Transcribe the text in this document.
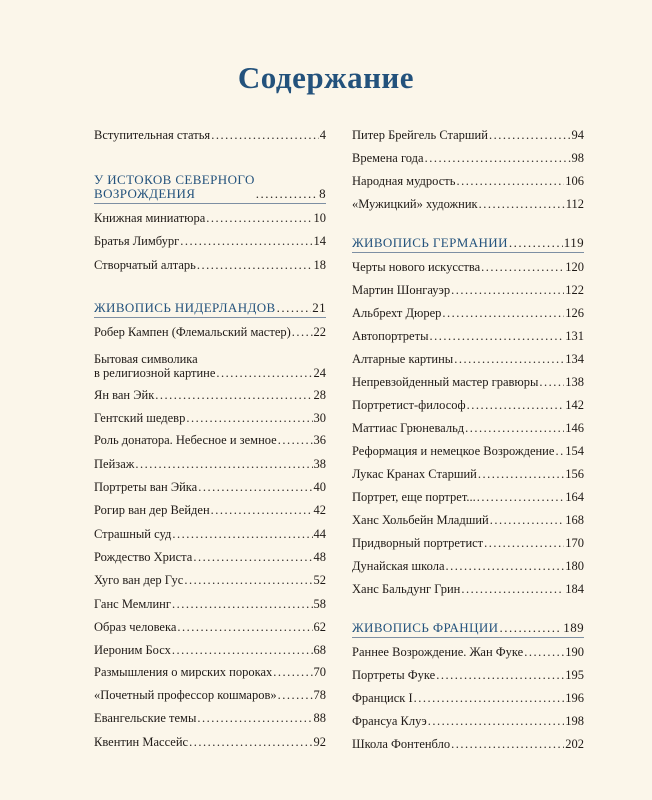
Содержание
Вступительная статья .....	4
У ИСТОКОВ СЕВЕРНОГО
ВОЗРОЖДЕНИЯ .....	8
Книжная миниатюра .....	10
Братья Лимбург .....	14
Створчатый алтарь .....	18
ЖИВОПИСЬ НИДЕРЛАНДОВ .....	21
Робер Кампен (Флемальский мастер) ..... 22
Бытовая символика
в религиозной картине .....	24
Ян ван Эйк .....	28
Гентский шедевр .....	30
Роль донатора. Небесное и земное .....	36
Пейзаж .....	38
Портреты ван Эйка .....	40
Рогир ван дер Вейден .....	42
Страшный суд .....	44
Рождество Христа .....	48
Хуго ван дер Гус .....	52
Ганс Мемлинг .....	58
Образ человека .....	62
Иероним Босх .....	68
Размышления о мирских пороках .....	70
«Почетный профессор кошмаров» .....	78
Евангельские темы .....	88
Квентин Массейс .....	92
Питер Брейгель Старший .....	94
Времена года .....	98
Народная мудрость .....	106
«Мужицкий» художник .....	112
ЖИВОПИСЬ ГЕРМАНИИ .....	119
Черты нового искусства .....	120
Мартин Шонгауэр .....	122
Альбрехт Дюрер .....	126
Автопортреты .....	131
Алтарные картины .....	134
Непревзойденный мастер гравюры ..... 138
Портретист-философ .....	142
Маттиас Грюневальд .....	146
Реформация и немецкое Возрождение ..... 154
Лукас Кранах Старший .....	156
Портрет, еще портрет... .....	164
Ханс Хольбейн Младший .....	168
Придворный портретист .....	170
Дунайская школа .....	180
Ханс Бальдунг Грин .....	184
ЖИВОПИСЬ ФРАНЦИИ .....	189
Раннее Возрождение. Жан Фуке .....	190
Портреты Фуке .....	195
Франциск I .....	196
Франсуа Клуэ .....	198
Школа Фонтенбло .....	202
